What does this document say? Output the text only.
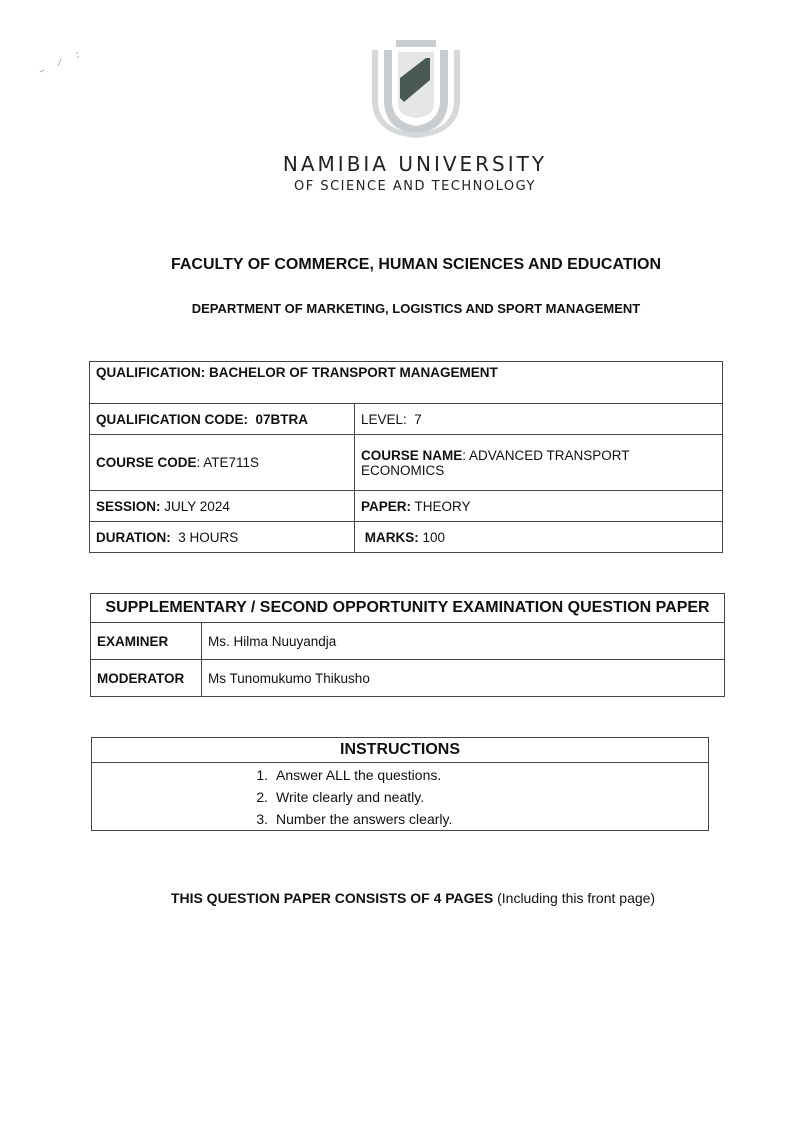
NAMIBIA UNIVERSITY

OF SCIENCE AND TECHNOLOGY

FACULTY OF COMMERCE, HUMAN SCIENCES AND EDUCATION

DEPARTMENT OF MARKETING, LOGISTICS AND SPORT MANAGEMENT

QUALIFICATION: BACHELOR OF TRANSPORT MANAGEMENT	
QUALIFICATION CODE: 07BTRA	LEVEL: 7
COURSE CODE: ATE711S	COURSE NAME: ADVANCED TRANSPORT ECONOMICS
SESSION: JULY 2024	PAPER: THEORY
DURATION: 3 HOURS	MARKS: 100
SUPPLEMENTARY / SECOND OPPORTUNITY EXAMINATION QUESTION PAPER	
EXAMINER	Ms. Hilma Nuuyandja
MODERATOR	Ms Tunomukumo Thikusho

INSTRUCTIONS

1. Answer ALL the questions.
2. Write clearly and neatly.
3. Number the answers clearly.

THIS QUESTION PAPER CONSISTS OF 4 PAGES (Including this front page)
